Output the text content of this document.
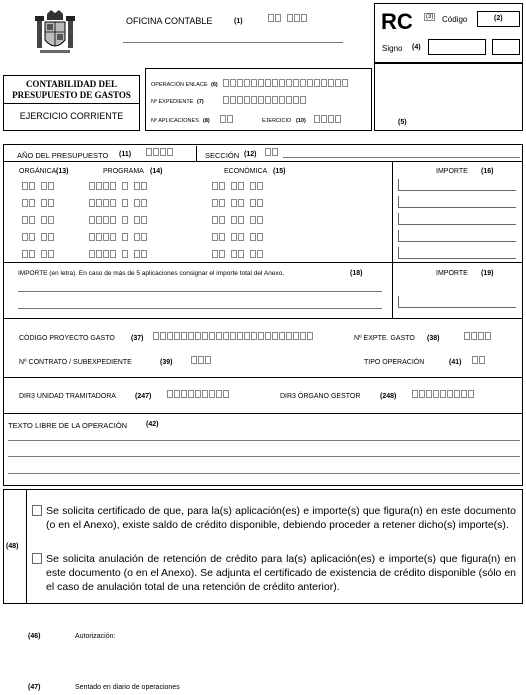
OFICINA CONTABLE	(1)
	RC	(3) Código	(2)
Signo (4)
CONTABILIDAD DEL
PRESUPUESTO DE GASTOS
EJERCICIO CORRIENTE
OPERACIÓN ENLACE (6)
Nº EXPEDIENTE (7)
Nº APLICACIONES (8)	EJERCICIO (10)	(5)
AÑO DEL PRESUPUESTO (11)	SECCIÓN (12)
ORGÁNICA (13)	PROGRAMA (14)	ECONÓMICA (15)	IMPORTE (16)
IMPORTE (en letra). En caso de más de 5 aplicaciones consignar el importe total del Anexo.	(18)	IMPORTE (19)
CÓDIGO PROYECTO GASTO (37)	Nº EXPTE. GASTO (38)
Nº CONTRATO / SUBEXPEDIENTE	(39)	TIPO OPERACIÓN	(41)
DIR3 UNIDAD TRAMITADORA	(247)	DIR3 ÓRGANO GESTOR	(248)
TEXTO LIBRE DE LA OPERACIÓN	(42)
(48)
Se solicita certificado de que, para la(s) aplicación(es) e importe(s) que figura(n) en este documento (o en el Anexo), existe saldo de crédito disponible, debiendo proceder a retener dicho(s) importe(s).
Se solicita anulación de retención de crédito para la(s) aplicación(es) e importe(s) que figura(n) en este documento (o en el Anexo). Se adjunta el certificado de existencia de crédito disponible (sólo en el caso de anulación total de una retención de crédito anterior).
(46)	Autorización:
(47)	Sentado en diario de operaciones
